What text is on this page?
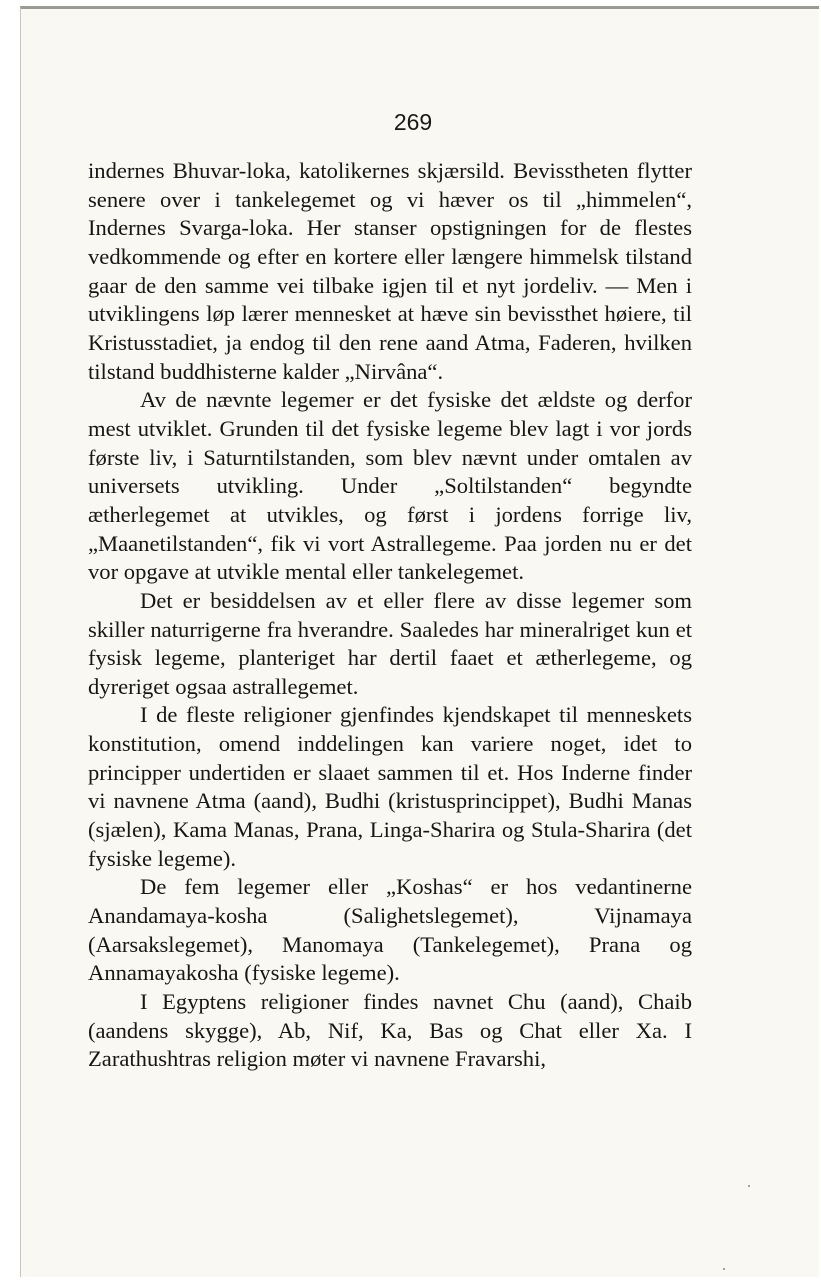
269

indernes Bhuvar-loka, katolikernes skjærsild. Bevisstheten flytter senere over i tankelegemet og vi hæver os til „himmelen“, Indernes Svarga-loka. Her stanser opstigningen for de flestes vedkommende og efter en kortere eller længere himmelsk tilstand gaar de den samme vei tilbake igjen til et nyt jordeliv. — Men i utviklingens løp lærer mennesket at hæve sin bevissthet høiere, til Kristusstadiet, ja endog til den rene aand Atma, Faderen, hvilken tilstand buddhisterne kalder „Nirvâna“.

Av de nævnte legemer er det fysiske det ældste og derfor mest utviklet. Grunden til det fysiske legeme blev lagt i vor jords første liv, i Saturntilstanden, som blev nævnt under omtalen av universets utvikling. Under „Soltilstanden“ begyndte ætherlegemet at utvikles, og først i jordens forrige liv, „Maanetilstanden“, fik vi vort Astrallegeme. Paa jorden nu er det vor opgave at utvikle mental eller tankelegemet.

Det er besiddelsen av et eller flere av disse legemer som skiller naturrigerne fra hverandre. Saaledes har mineralriget kun et fysisk legeme, planteriget har dertil faaet et ætherlegeme, og dyreriget ogsaa astrallegemet.

I de fleste religioner gjenfindes kjendskapet til menneskets konstitution, omend inddelingen kan variere noget, idet to principper undertiden er slaaet sammen til et. Hos Inderne finder vi navnene Atma (aand), Budhi (kristusprincippet), Budhi Manas (sjælen), Kama Manas, Prana, Linga-Sharira og Stula-Sharira (det fysiske legeme).

De fem legemer eller „Koshas“ er hos vedantinerne Anandamaya-kosha (Salighetslegemet), Vijnamaya (Aarsakslegemet), Manomaya (Tankelegemet), Prana og Annamayakosha (fysiske legeme).

I Egyptens religioner findes navnet Chu (aand), Chaib (aandens skygge), Ab, Nif, Ka, Bas og Chat eller Xa. I Zarathushtras religion møter vi navnene Fravarshi,
